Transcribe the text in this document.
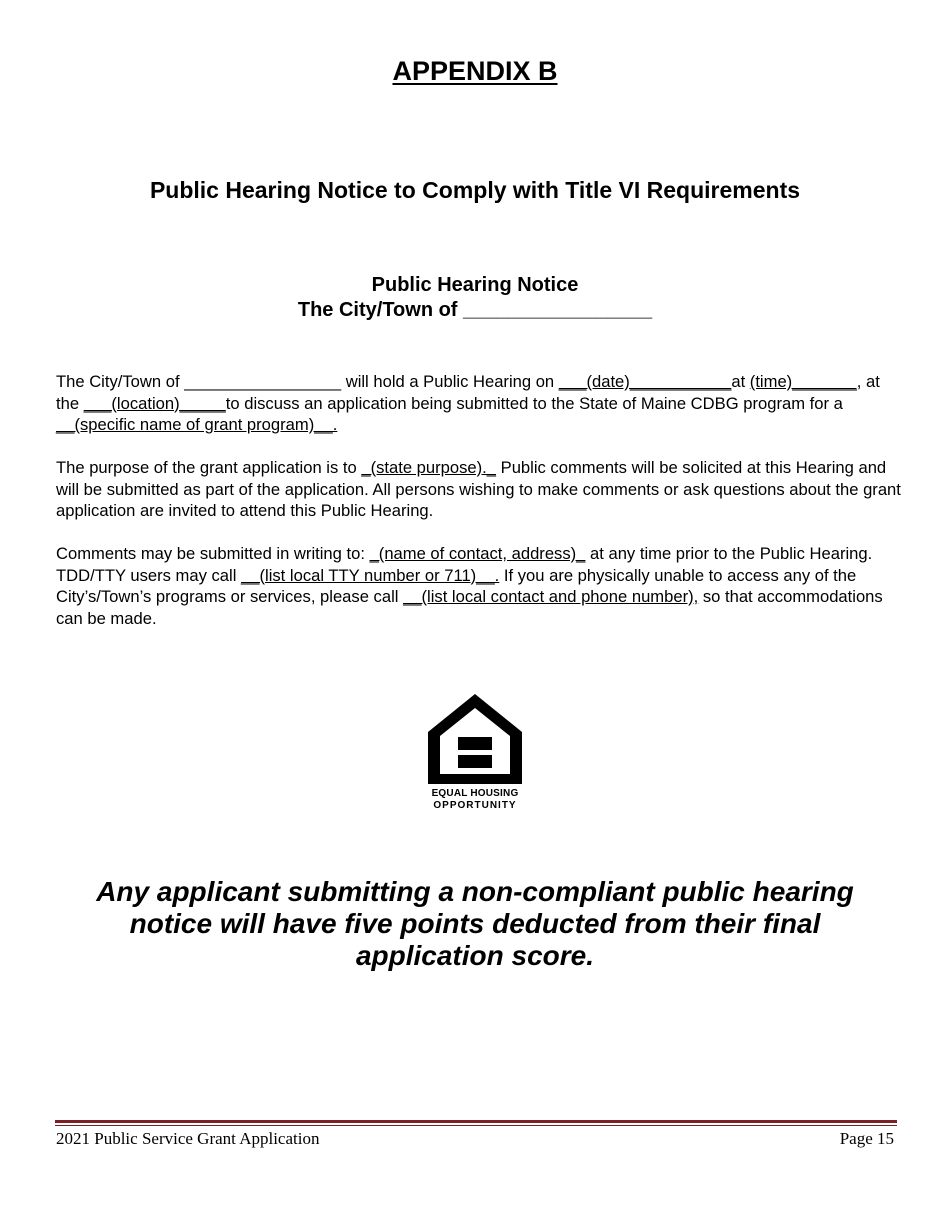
APPENDIX B
Public Hearing Notice to Comply with Title VI Requirements
Public Hearing Notice
The City/Town of _________________

The City/Town of _________________ will hold a Public Hearing on ___(date)___________at (time)_______, at the ___(location)_____to discuss an application being submitted to the State of Maine CDBG program for a __(specific name of grant program)__.

The purpose of the grant application is to _(state purpose)._ Public comments will be solicited at this Hearing and will be submitted as part of the application. All persons wishing to make comments or ask questions about the grant application are invited to attend this Public Hearing.

Comments may be submitted in writing to: _(name of contact, address)_ at any time prior to the Public Hearing. TDD/TTY users may call __(list local TTY number or 711)__. If you are physically unable to access any of the City’s/Town’s programs or services, please call __(list local contact and phone number), so that accommodations can be made.

EQUAL HOUSING
OPPORTUNITY
Any applicant submitting a non-compliant public hearing notice will have five points deducted from their final application score.
2021 Public Service Grant Application	Page 15
